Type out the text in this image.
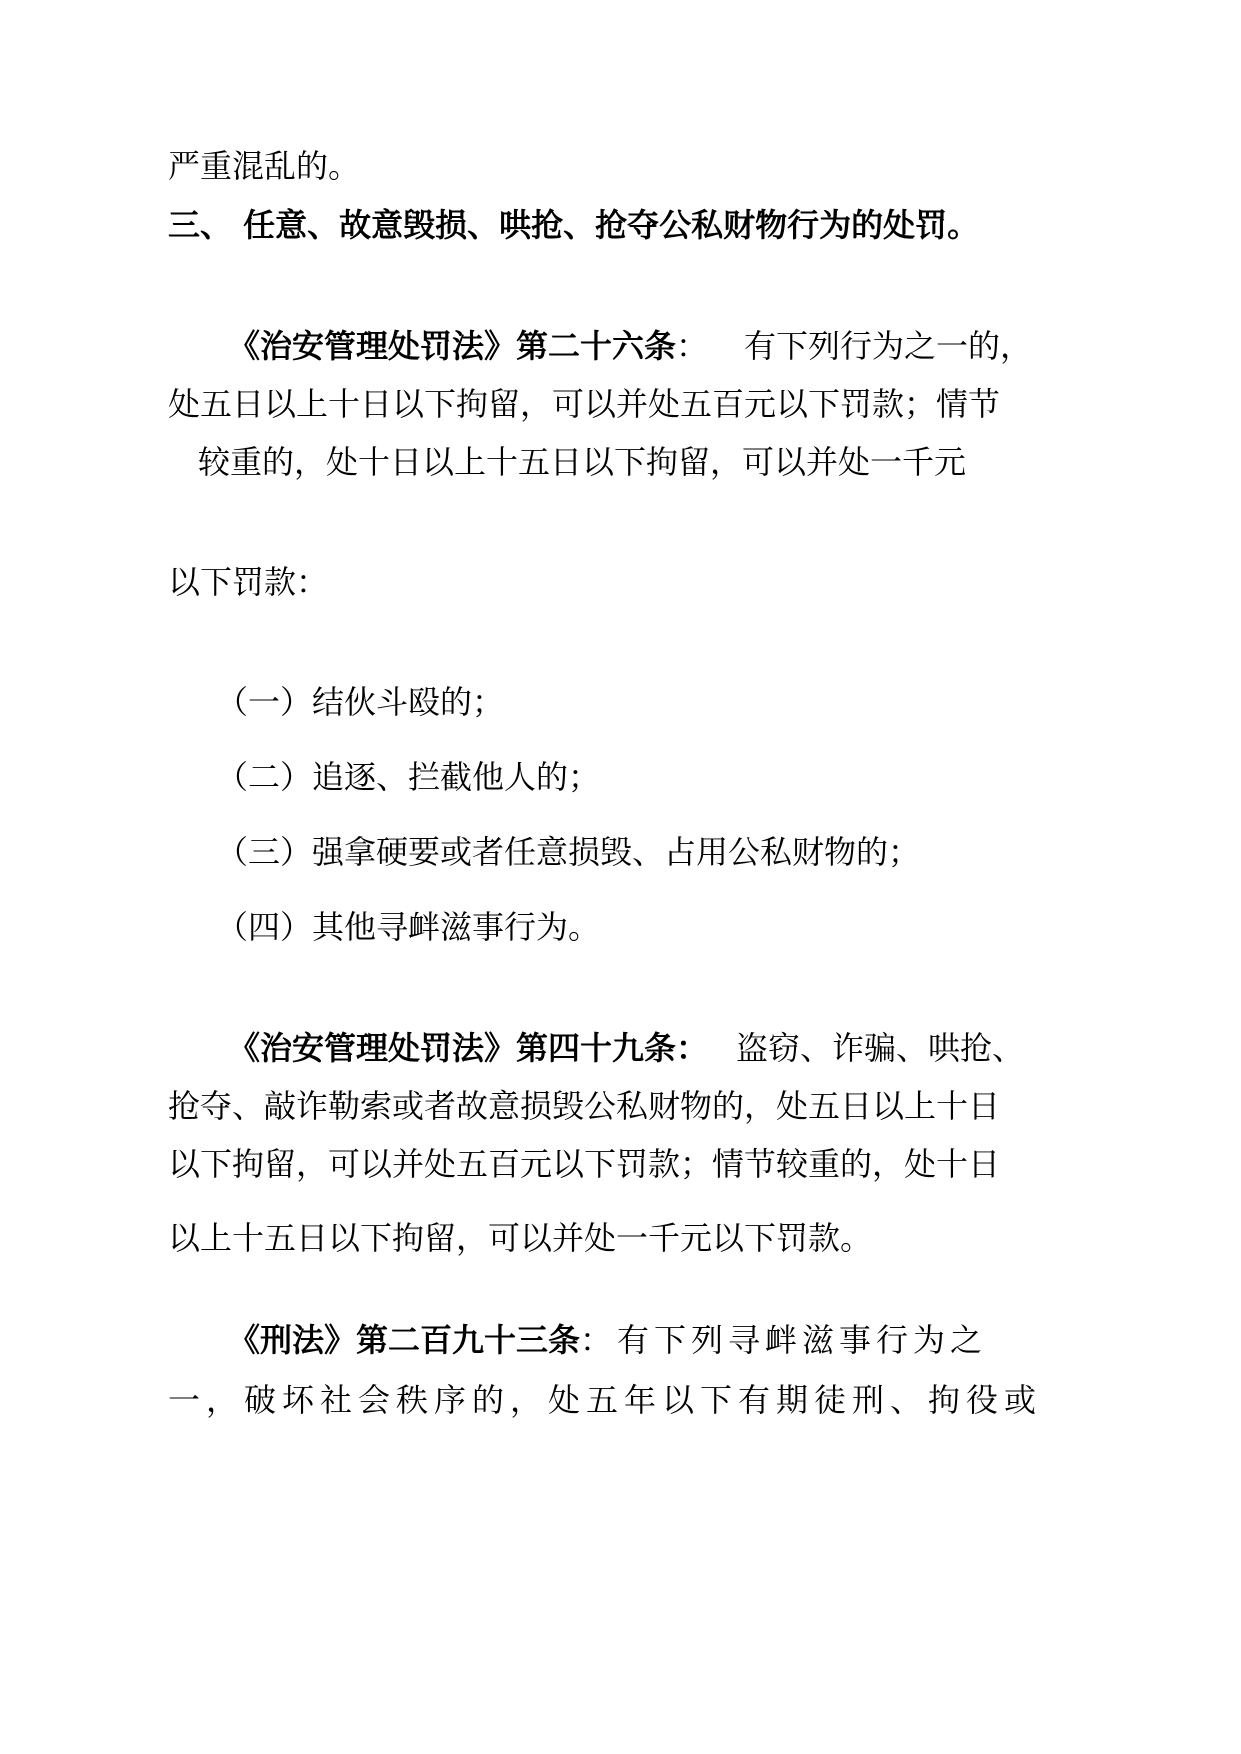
严重混乱的。
三、 任意、故意毁损、哄抢、抢夺公私财物行为的处罚。
《治安管理处罚法》第二十六条： 有下列行为之一的，
处五日以上十日以下拘留，可以并处五百元以下罚款；情节
较重的，处十日以上十五日以下拘留，可以并处一千元
以下罚款：
（一）结伙斗殴的；
（二）追逐、拦截他人的；
（三）强拿硬要或者任意损毁、占用公私财物的；
（四）其他寻衅滋事行为。
《治安管理处罚法》第四十九条： 盗窃、诈骗、哄抢、
抢夺、敲诈勒索或者故意损毁公私财物的，处五日以上十日
以下拘留，可以并处五百元以下罚款；情节较重的，处十日
以上十五日以下拘留，可以并处一千元以下罚款。
《刑法》第二百九十三条：有下列寻衅滋事行为之
一，破坏社会秩序的，处五年以下有期徒刑、拘役或
